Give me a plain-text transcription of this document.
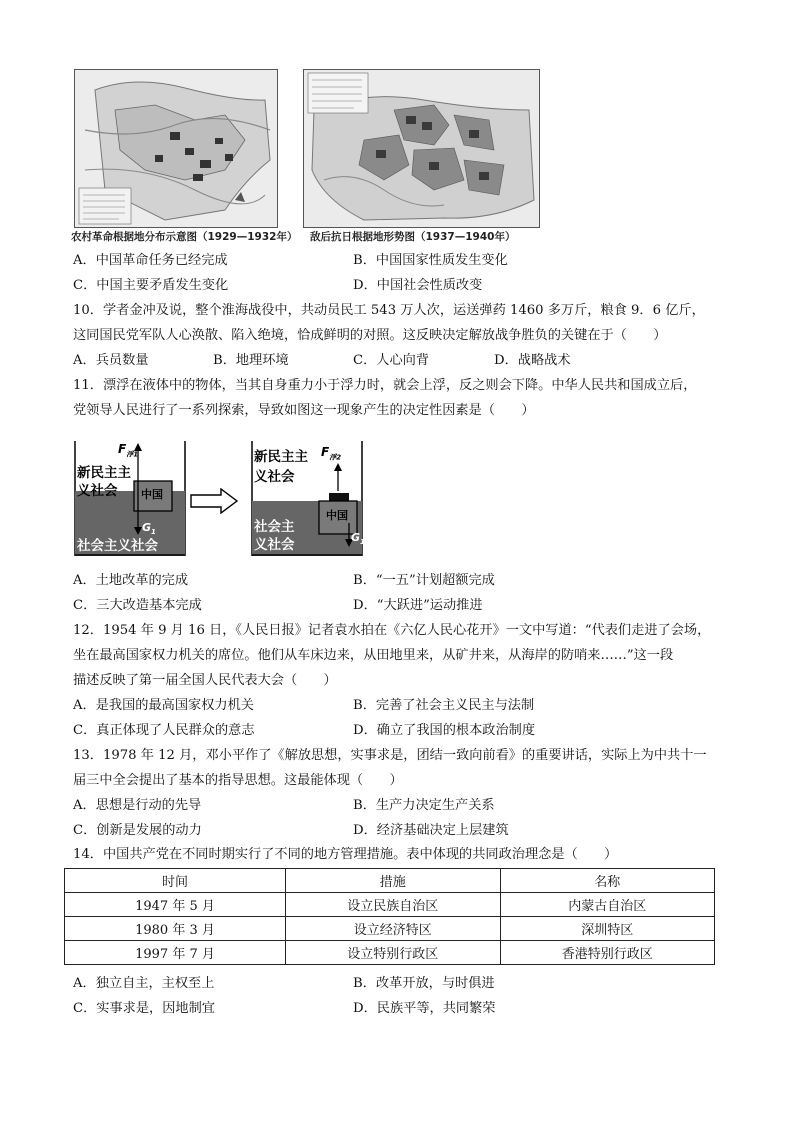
农村革命根据地分布示意图（1929—1932年） 敌后抗日根据地形势图（1937—1940年）
A．中国革命任务已经完成	B．中国国家性质发生变化
C．中国主要矛盾发生变化	D．中国社会性质改变
10．学者金冲及说，整个淮海战役中，共动员民工 543 万人次，运送弹药 1460 多万斤，粮食 9．6 亿斤，
这同国民党军队人心涣散、陷入绝境，恰成鲜明的对照。这反映决定解放战争胜负的关键在于（　　）
A．兵员数量	B．地理环境	C．人心向背	D．战略战术
11．漂浮在液体中的物体，当其自身重力小于浮力时，就会上浮，反之则会下降。中华人民共和国成立后，
党领导人民进行了一系列探索，导致如图这一现象产生的决定性因素是（　　）
$F_{浮1}$
新民主主
义社会 中国
$G_1$
社会主义社会
$F_{浮2}$
新民主主
义社会
中国
$G_1$
社会主
义社会
A．土地改革的完成	B．“一五”计划超额完成
C．三大改造基本完成	D．“大跃进”运动推进
12．1954 年 9 月 16 日，《人民日报》记者袁水拍在《六亿人民心花开》一文中写道：“代表们走进了会场，
坐在最高国家权力机关的席位。他们从车床边来，从田地里来，从矿井来，从海岸的防哨来……”这一段
描述反映了第一届全国人民代表大会（　　）
A．是我国的最高国家权力机关	B．完善了社会主义民主与法制
C．真正体现了人民群众的意志	D．确立了我国的根本政治制度
13．1978 年 12 月，邓小平作了《解放思想，实事求是，团结一致向前看》的重要讲话，实际上为中共十一
届三中全会提出了基本的指导思想。这最能体现（　　）
A．思想是行动的先导	B．生产力决定生产关系
C．创新是发展的动力	D．经济基础决定上层建筑
14．中国共产党在不同时期实行了不同的地方管理措施。表中体现的共同政治理念是（　　）
时间	措施	名称
1947 年 5 月	设立民族自治区	内蒙古自治区
1980 年 3 月	设立经济特区	深圳特区
1997 年 7 月	设立特别行政区	香港特别行政区
A．独立自主，主权至上	B．改革开放，与时俱进
C．实事求是，因地制宜	D．民族平等，共同繁荣
